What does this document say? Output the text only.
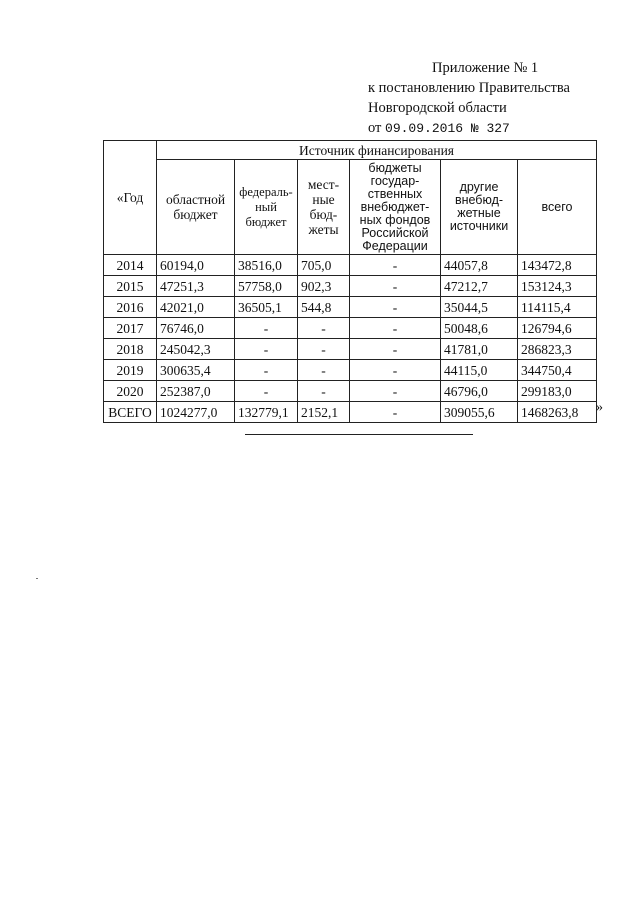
Приложение № 1
к постановлению Правительства
Новгородской области
от 09.09.2016 № 327
«Год	Источник финансирования					
	областной бюджет	федераль-ный бюджет	мест-ные бюд-жеты	бюджеты государ-ственных внебюджет-ных фондов Российской Федерации	другие внебюд-жетные источники	всего
2014	60194,0	38516,0	705,0	-	44057,8	143472,8
2015	47251,3	57758,0	902,3	-	47212,7	153124,3
2016	42021,0	36505,1	544,8	-	35044,5	114115,4
2017	76746,0	-	-	-	50048,6	126794,6
2018	245042,3	-	-	-	41781,0	286823,3
2019	300635,4	-	-	-	44115,0	344750,4
2020	252387,0	-	-	-	46796,0	299183,0
ВСЕГО	1024277,0	132779,1	2152,1	-	309055,6	1468263,8 »
